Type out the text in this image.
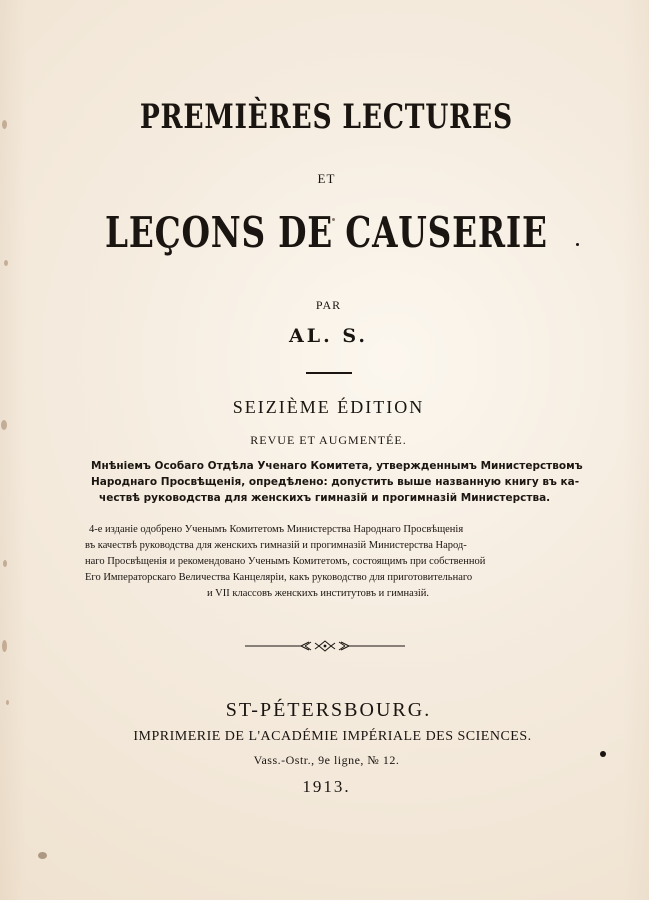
PREMIÈRES LECTURES
ET
LEÇONS DE CAUSERIE
PAR
AL. S.
SEIZIÈME ÉDITION
REVUE ET AUGMENTÉE.
Мнѣніемъ Особаго Отдѣла Ученаго Комитета, утвержденнымъ Министерствомъ
Народнаго Просвѣщенія, опредѣлено: допустить выше названную книгу въ ка-
чествѣ руководства для женскихъ гимназій и прогимназій Министерства.
4-е изданіе одобрено Ученымъ Комитетомъ Министерства Народнаго Просвѣщенія
въ качествѣ руководства для женскихъ гимназій и прогимназій Министерства Народ-
наго Просвѣщенія и рекомендовано Ученымъ Комитетомъ, состоящимъ при собственной
Его Императорскаго Величества Канцеляріи, какъ руководство для приготовительнаго
и VII классовъ женскихъ институтовъ и гимназій.
ST-PÉTERSBOURG.
IMPRIMERIE DE L'ACADÉMIE IMPÉRIALE DES SCIENCES.
Vass.-Ostr., 9e ligne, № 12.
1913.
